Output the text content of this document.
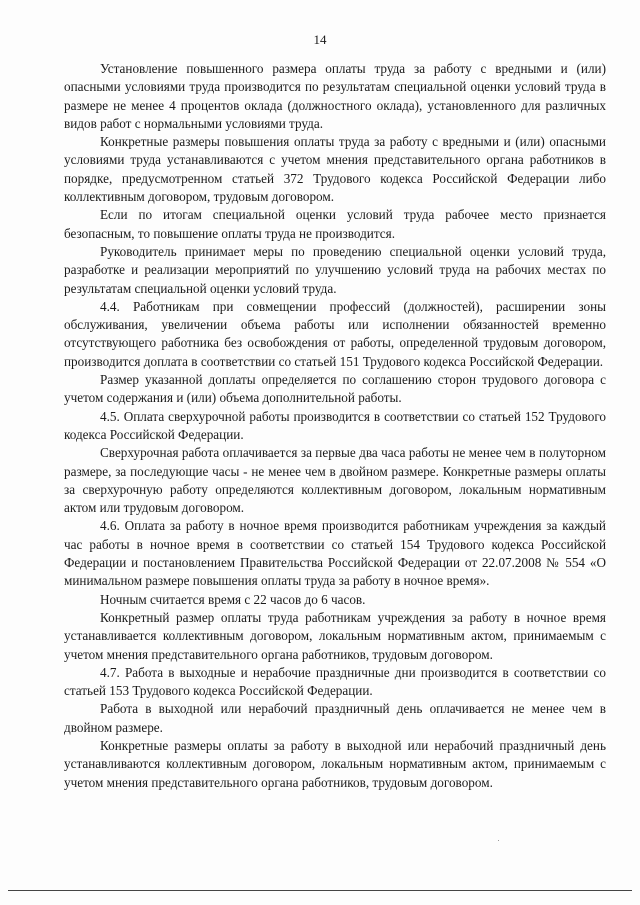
14

Установление повышенного размера оплаты труда за работу с вредными и (или) опасными условиями труда производится по результатам специальной оценки условий труда в размере не менее 4 процентов оклада (должностного оклада), установленного для различных видов работ с нормальными условиями труда.

Конкретные размеры повышения оплаты труда за работу с вредными и (или) опасными условиями труда устанавливаются с учетом мнения представительного органа работников в порядке, предусмотренном статьей 372 Трудового кодекса Российской Федерации либо коллективным договором, трудовым договором.

Если по итогам специальной оценки условий труда рабочее место признается безопасным, то повышение оплаты труда не производится.

Руководитель принимает меры по проведению специальной оценки условий труда, разработке и реализации мероприятий по улучшению условий труда на рабочих местах по результатам специальной оценки условий труда.

4.4. Работникам при совмещении профессий (должностей), расширении зоны обслуживания, увеличении объема работы или исполнении обязанностей временно отсутствующего работника без освобождения от работы, определенной трудовым договором, производится доплата в соответствии со статьей 151 Трудового кодекса Российской Федерации.

Размер указанной доплаты определяется по соглашению сторон трудового договора с учетом содержания и (или) объема дополнительной работы.

4.5. Оплата сверхурочной работы производится в соответствии со статьей 152 Трудового кодекса Российской Федерации.

Сверхурочная работа оплачивается за первые два часа работы не менее чем в полуторном размере, за последующие часы - не менее чем в двойном размере. Конкретные размеры оплаты за сверхурочную работу определяются коллективным договором, локальным нормативным актом или трудовым договором.

4.6. Оплата за работу в ночное время производится работникам учреждения за каждый час работы в ночное время в соответствии со статьей 154 Трудового кодекса Российской Федерации и постановлением Правительства Российской Федерации от 22.07.2008 № 554 «О минимальном размере повышения оплаты труда за работу в ночное время».

Ночным считается время с 22 часов до 6 часов.

Конкретный размер оплаты труда работникам учреждения за работу в ночное время устанавливается коллективным договором, локальным нормативным актом, принимаемым с учетом мнения представительного органа работников, трудовым договором.

4.7. Работа в выходные и нерабочие праздничные дни производится в соответствии со статьей 153 Трудового кодекса Российской Федерации.

Работа в выходной или нерабочий праздничный день оплачивается не менее чем в двойном размере.

Конкретные размеры оплаты за работу в выходной или нерабочий праздничный день устанавливаются коллективным договором, локальным нормативным актом, принимаемым с учетом мнения представительного органа работников, трудовым договором.
